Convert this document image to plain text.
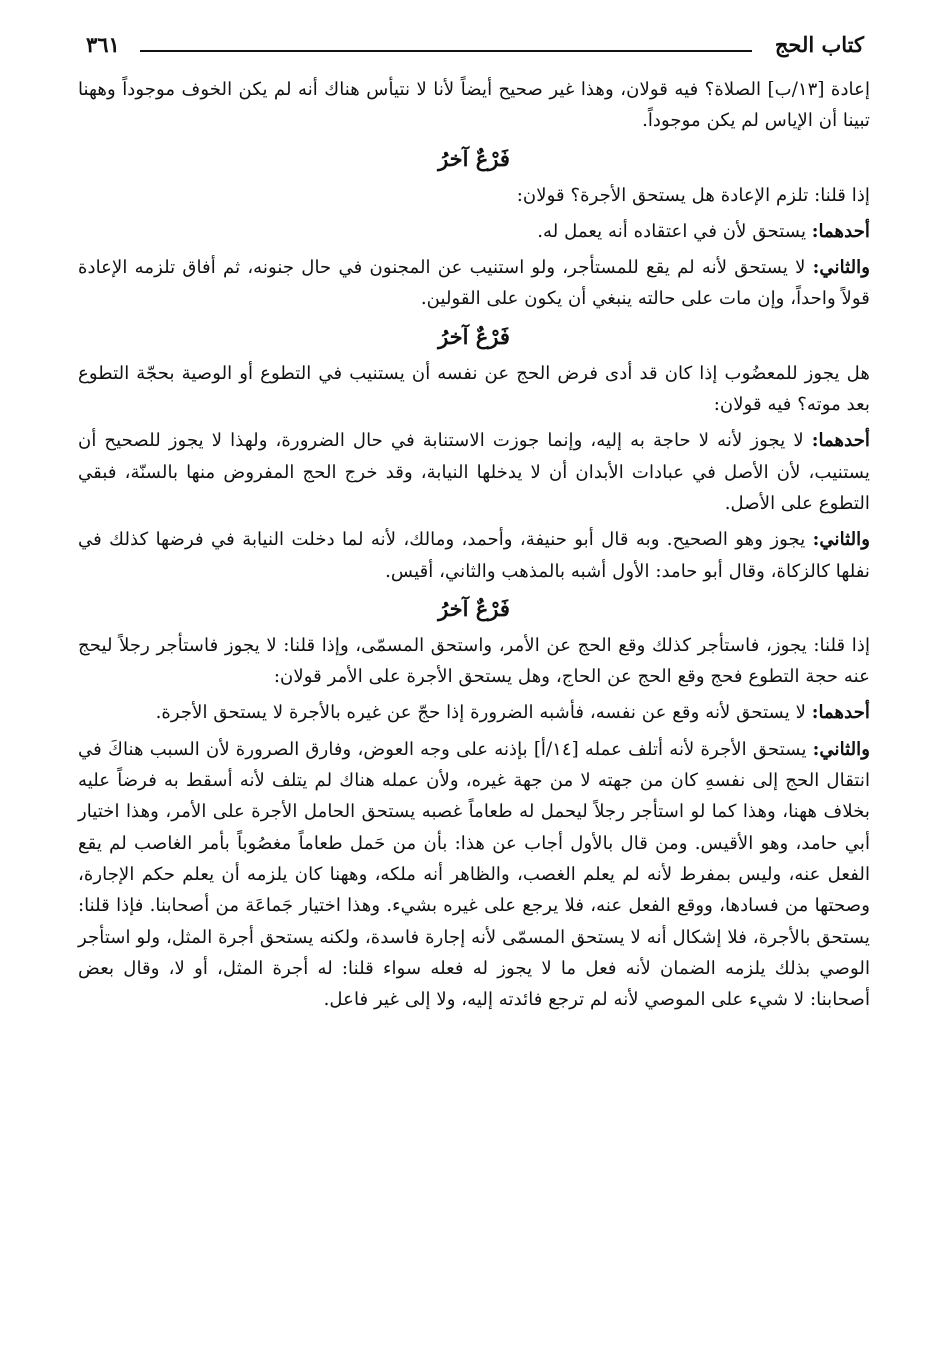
كتاب الحج
٣٦١

إعادة [١٣/ب] الصلاة؟ فيه قولان، وهذا غير صحيح أيضاً لأنا لا نتيأس هناك أنه لم يكن الخوف موجوداً وههنا تبينا أن الإياس لم يكن موجوداً.

فَرْعٌ آخرُ

إذا قلنا: تلزم الإعادة هل يستحق الأجرة؟ قولان:

أحدهما: يستحق لأن في اعتقاده أنه يعمل له.

والثاني: لا يستحق لأنه لم يقع للمستأجر، ولو استنيب عن المجنون في حال جنونه، ثم أفاق تلزمه الإعادة قولاً واحداً، وإن مات على حالته ينبغي أن يكون على القولين.

فَرْعٌ آخرُ

هل يجوز للمعضُوب إذا كان قد أدى فرض الحج عن نفسه أن يستنيب في التطوع أو الوصية بحجّة التطوع بعد موته؟ فيه قولان:

أحدهما: لا يجوز لأنه لا حاجة به إليه، وإنما جوزت الاستنابة في حال الضرورة، ولهذا لا يجوز للصحيح أن يستنيب، لأن الأصل في عبادات الأبدان أن لا يدخلها النيابة، وقد خرج الحج المفروض منها بالسنّة، فبقي التطوع على الأصل.

والثاني: يجوز وهو الصحيح. وبه قال أبو حنيفة، وأحمد، ومالك، لأنه لما دخلت النيابة في فرضها كذلك في نفلها كالزكاة، وقال أبو حامد: الأول أشبه بالمذهب والثاني، أقيس.

فَرْعٌ آخرُ

إذا قلنا: يجوز، فاستأجر كذلك وقع الحج عن الأمر، واستحق المسمّى، وإذا قلنا: لا يجوز فاستأجر رجلاً ليحج عنه حجة التطوع فحج وقع الحج عن الحاج، وهل يستحق الأجرة على الأمر قولان:

أحدهما: لا يستحق لأنه وقع عن نفسه، فأشبه الضرورة إذا حجّ عن غيره بالأجرة لا يستحق الأجرة.

والثاني: يستحق الأجرة لأنه أتلف عمله [١٤/أ] بإذنه على وجه العوض، وفارق الصرورة لأن السبب هناكَ في انتقال الحج إلى نفسهِ كان من جهته لا من جهة غيره، ولأن عمله هناك لم يتلف لأنه أسقط به فرضاً عليه بخلاف ههنا، وهذا كما لو استأجر رجلاً ليحمل له طعاماً غصبه يستحق الحامل الأجرة على الأمر، وهذا اختيار أبي حامد، وهو الأقيس. ومن قال بالأول أجاب عن هذا: بأن من حَمل طعاماً مغصُوباً بأمر الغاصب لم يقع الفعل عنه، وليس بمفرط لأنه لم يعلم الغصب، والظاهر أنه ملكه، وههنا كان يلزمه أن يعلم حكم الإجارة، وصحتها من فسادها، ووقع الفعل عنه، فلا يرجع على غيره بشيء. وهذا اختيار جَماعَة من أصحابنا. فإذا قلنا: يستحق بالأجرة، فلا إشكال أنه لا يستحق المسمّى لأنه إجارة فاسدة، ولكنه يستحق أجرة المثل، ولو استأجر الوصي بذلك يلزمه الضمان لأنه فعل ما لا يجوز له فعله سواء قلنا: له أجرة المثل، أو لا، وقال بعض أصحابنا: لا شيء على الموصي لأنه لم ترجع فائدته إليه، ولا إلى غير فاعل.
